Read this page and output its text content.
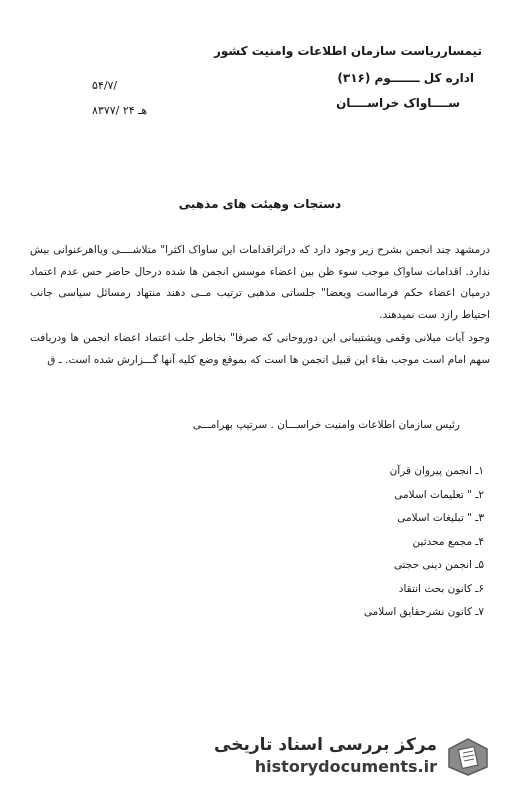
تیمسارریاست سازمان اطلاعات وامنیت کشور
اداره کل ـــــــوم (۳۱۶)
ســــاواک خراســــان
۵۴/۷/
۸۳۷۷/ ۲۴ هـ
دستجات وهیئت های مذهبی
درمشهد چند انجمن بشرح زیر وجود دارد که دراثراقدامات این ساواک اکثرا" متلاشــــی ویااهرعنوانی بیش ندارد. اقدامات ساواک موجب سوء ظن بین اعضاء موسس انجمن ها شده درحال حاضر حس عدم اعتماد درمیان اعضاء حکم فرمااست ویعضا" جلساتی مذهبی ترتیب مــی دهند منتهاد رمسائل سیاسی جانب احتیاط رازد ست نمیدهند.
وجود آیات میلانی وقمی وپشتیبانی این دوروحانی که صرفا" بخاطر جلب اعتماد اعضاء انجمن ها ودریافت سهم امام است موجب بقاء این قبیل انجمن ها است که بموقع وضع کلیه آنها گـــزارش شده است. ـ ق
رئیس سازمان اطلاعات وامنیت خراســـان . سرتیپ بهرامـــی
۱ـ انجمن پیروان قرآن
۲ـ " تعلیمات اسلامی
۳ـ " تبلیغات اسلامی
۴ـ مجمع محدثین
۵ـ انجمن دینی حجتی
۶ـ کانون بحث انتقاد
۷ـ کانون نشرحقایق اسلامی
مرکز بررسی اسناد تاریخی
historydocuments.ir
